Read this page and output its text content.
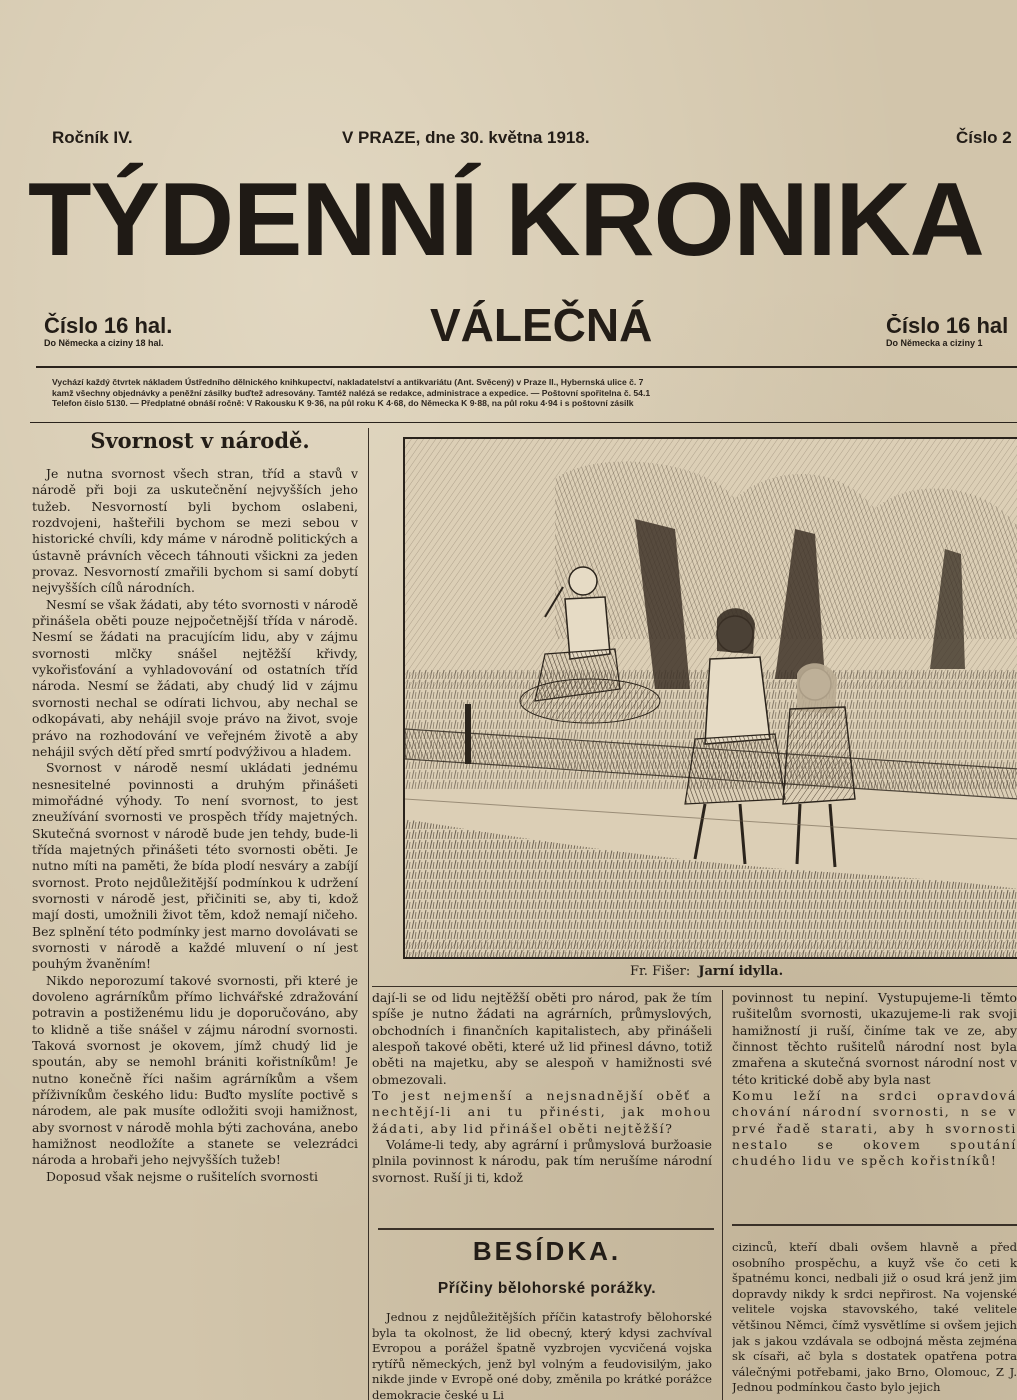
Ročník IV.	V PRAZE, dne 30. května 1918.	Číslo 2
TÝDENNÍ KRONIKA
VÁLEČNÁ
Číslo 16 hal.
Do Německa a ciziny 18 hal.
Číslo 16 hal
Do Německa a ciziny 1
Vychází každý čtvrtek nákladem Ústředního dělnického knihkupectví, nakladatelství a antikvariátu (Ant. Svěcený) v Praze II., Hybernská ulice č. 7
kamž všechny objednávky a peněžní zásilky buďtež adresovány. Tamtéž nalézá se redakce, administrace a expedice. — Poštovní spořitelna č. 54.1
Telefon číslo 5130. — Předplatné obnáší ročně: V Rakousku K 9·36, na půl roku K 4·68, do Německa K 9·88, na půl roku 4·94 i s poštovní zásilk
Svornost v národě.

Je nutna svornost všech stran, tříd a stavů v národě při boji za uskutečnění nejvyšších jeho tužeb. Nesvorností byli bychom oslabeni, rozdvojeni, hašteřili bychom se mezi sebou v historické chvíli, kdy máme v národně politických a ústavně právních věcech táhnouti všickni za jeden provaz. Nesvorností zmařili bychom si samí dobytí nejvyšších cílů národních.

Nesmí se však žádati, aby této svornosti v národě přinášela oběti pouze nejpočetnější třída v národě. Nesmí se žádati na pracujícím lidu, aby v zájmu svornosti mlčky snášel nejtěžší křivdy, vykořisťování a vyhladovování od ostatních tříd národa. Nesmí se žádati, aby chudý lid v zájmu svornosti nechal se odírati lichvou, aby nechal se odkopávati, aby nehájil svoje právo na život, svoje právo na rozhodování ve veřejném životě a aby nehájil svých dětí před smrtí podvýživou a hladem.

Svornost v národě nesmí ukládati jednému nesnesitelné povinnosti a druhým přinášeti mimořádné výhody. To není svornost, to jest zneužívání svornosti ve prospěch třídy majetných. Skutečná svornost v národě bude jen tehdy, bude-li třída majetných přinášeti této svornosti oběti. Je nutno míti na paměti, že bída plodí nesváry a zabíjí svornost. Proto nejdůležitější podmínkou k udržení svornosti v národě jest, přičiniti se, aby ti, kdož mají dosti, umožnili život těm, kdož nemají ničeho. Bez splnění této podmínky jest marno dovolávati se svornosti v národě a každé mluvení o ní jest pouhým žvaněním!

Nikdo neporozumí takové svornosti, při které je dovoleno agrárníkům přímo lichvářské zdražování potravin a postiženému lidu je doporučováno, aby to klidně a tiše snášel v zájmu národní svornosti. Taková svornost je okovem, jímž chudý lid je spoután, aby se nemohl brániti kořistníkům! Je nutno konečně říci našim agrárníkům a všem příživníkům českého lidu: Buďto myslíte poctivě s národem, ale pak musíte odložiti svoji hamižnost, aby svornost v národě mohla býti zachována, anebo hamižnost neodložíte a stanete se velezrádci národa a hrobaři jeho nejvyšších tužeb!

Doposud však nejsme o rušitelích svornosti

Fr. Fišer: Jarní idylla.

dají-li se od lidu nejtěžší oběti pro národ, pak že tím spíše je nutno žádati na agrárních, průmyslových, obchodních i finančních kapitalistech, aby přinášeli alespoň takové oběti, které už lid přinesl dávno, totiž oběti na majetku, aby se alespoň v hamižnosti své obmezovali.

To jest nejmenší a nejsnadnější oběť a nechtějí-li ani tu přinésti, jak mohou žádati, aby lid přinášel oběti nejtěžší?

Voláme-li tedy, aby agrární i průmyslová buržoasie plnila povinnost k národu, pak tím nerušíme národní svornost. Ruší ji ti, kdož

povinnost tu nepiní. Vystupujeme-li těmto rušitelům svornosti, ukazujeme-li rak svoji hamižností ji ruší, činíme tak ve ze, aby činnost těchto rušitelů národní nost byla zmařena a skutečná svornost národní nost v této kritické době aby byla nast

Komu leží na srdci opravdová chování národní svornosti, n se v prvé řadě starati, aby h svornosti nestalo se okovem spoutání chudého lidu ve spěch kořistníků!

BESÍDKA.
Příčiny bělohorské porážky.

Jednou z nejdůležitějších příčin katastrofy bělohorské byla ta okolnost, že lid obecný, který kdysi zachvíval Evropou a porážel špatně vyzbrojen vycvičená vojska rytířů německých, jenž byl volným a feudovisilým, jako nikde jinde v Evropě oné doby, změnila po krátké porážce demokracie české u Li

cizinců, kteří dbali ovšem hlavně a před osobního prospěchu, a kuyž vše čo ceti k špatnému konci, nedbali již o osud krá jenž jim dopravdy nikdy k srdci nepřirost. Na vojenské velitele vojska stavovského, také velitele většinou Němci, čímž vysvětlíme si ovšem jejich jak s jakou vzdávala se odbojná města zejména sk císaři, ač byla s dostatek opatřena potra válečnými potřebami, jako Brno, Olomouc, Z J. Jednou podmínkou často bylo jejich
